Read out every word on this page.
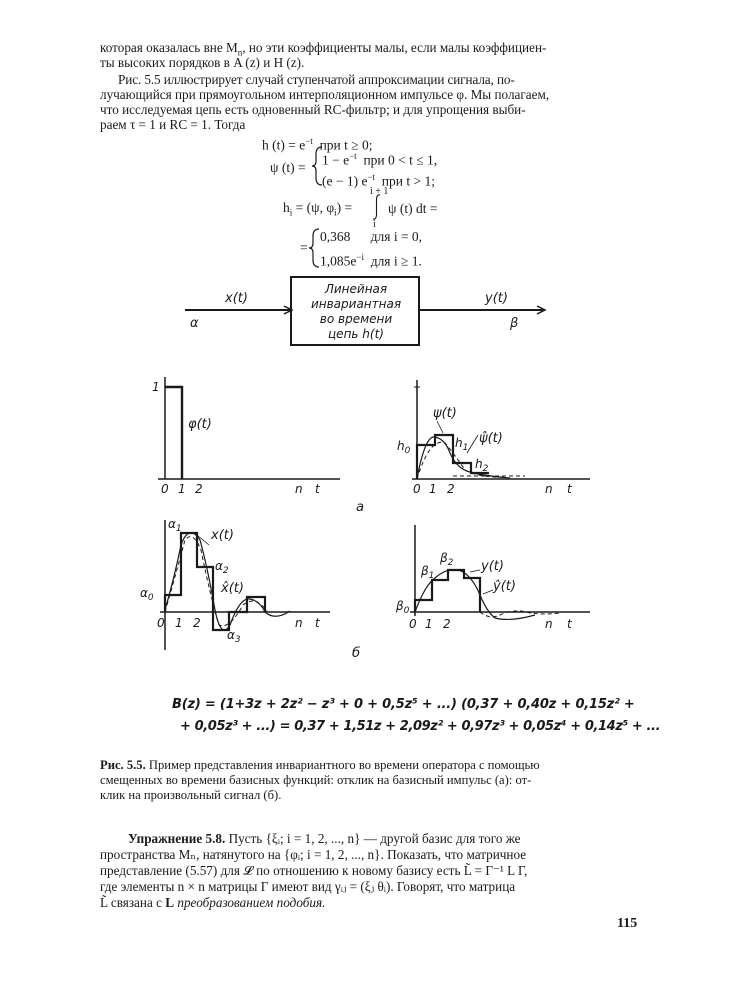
которая оказалась вне $M_n$, но эти коэффициенты малы, если малы коэффициен-
ты высоких порядков в A (z) и H (z).
Рис. 5.5 иллюстрирует случай ступенчатой аппроксимации сигнала, по-
лучающийся при прямоугольном интерполяционном импульсе φ. Мы полагаем,
что исследуемая цепь есть одновенный RC-фильтр; и для упрощения выби-
раем τ = 1 и RC = 1. Тогда
h $(t) = e^{-t}$ при t ≥ 0;
ψ $(t) = 1 - e^{-t}$ при 0 < t ≤ 1,
(e − 1) $e^{-t}$ при t > 1;
i + 1
$h_i = (\psi$, $\varphi_i$) =	ψ (t) dt =
i
=
0,368 для i = 0,
$1,085e^{-i}$ для i ≥ 1.
Линейная
инвариантная
во времени
цепь h(t)
x(t)
α
y(t)
β
1
φ(t)
0 1 2	n t
ψ(t)
$h_1$
ψ̂(t)
$h_0$
$h_2$
0 1 2	n t
а
$\alpha_1$ x(t)
$\alpha_2$
x̂(t)
$\alpha_0$
$\alpha_3$
0 1 2	n t
$\beta_1$
$\beta_2$ y(t)
ŷ(t)
$\beta_0$
0 1 2	n t
б
B(z) = (1+3z + 2z² − z³ + 0 + 0,5z⁵ + ...) (0,37 + 0,40z + 0,15z² +
+ 0,05z³ + ...) = 0,37 + 1,51z + 2,09z² + 0,97z³ + 0,05z⁴ + 0,14z⁵ + ...
Рис. 5.5. Пример представления инвариантного во времени оператора с помощью
смещенных во времени базисных функций: отклик на базисный импульс (а): от-
клик на произвольный сигнал (б).
Упражнение 5.8. Пусть {ξᵢ; i = 1, 2, ..., n} — другой базис для того же
пространства Mₙ, натянутого на {φᵢ; i = 1, 2, ..., n}. Показать, что матричное
представление (5.57) для 𝓛 по отношению к новому базису есть L̃ = Γ⁻¹ L Γ,
где элементы n × n матрицы Γ имеют вид γᵢⱼ = (ξⱼ θᵢ). Говорят, что матрица
L̃ связана с L преобразованием подобия.
115
